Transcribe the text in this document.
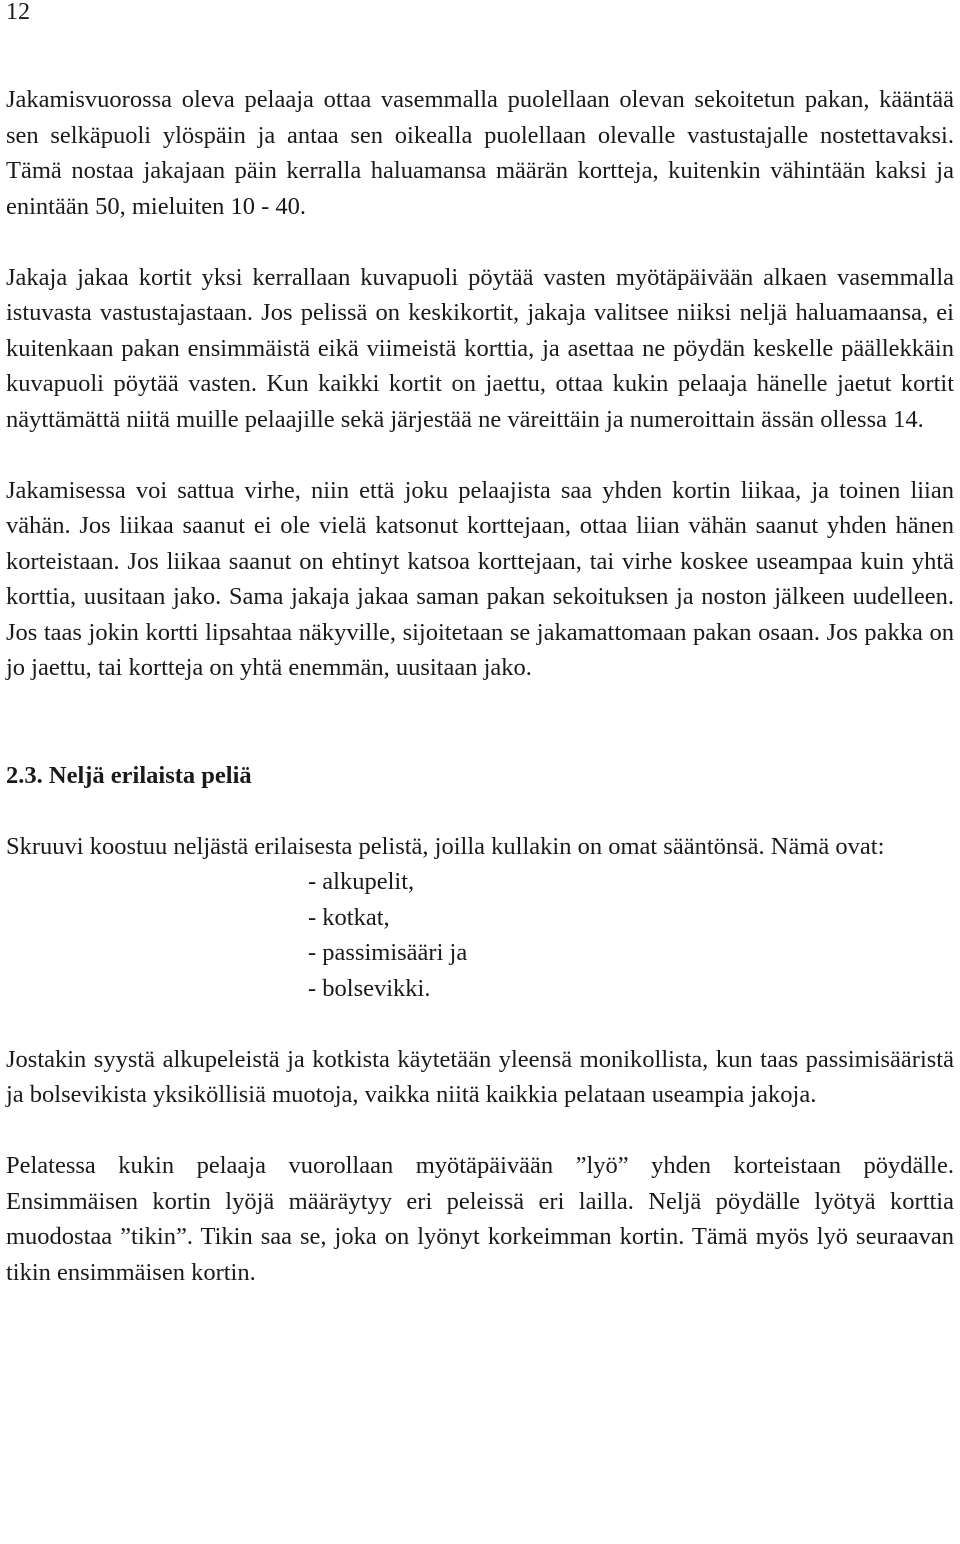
12

Jakamisvuorossa oleva pelaaja ottaa vasemmalla puolellaan olevan sekoitetun pakan, kääntää sen selkäpuoli ylöspäin ja antaa sen oikealla puolellaan olevalle vastustajalle nostettavaksi. Tämä nostaa jakajaan päin kerralla haluamansa määrän kortteja, kuitenkin vähintään kaksi ja enintään 50, mieluiten 10 - 40.

Jakaja jakaa kortit yksi kerrallaan kuvapuoli pöytää vasten myötäpäivään alkaen vasemmalla istuvasta vastustajastaan. Jos pelissä on keskikortit, jakaja valitsee niiksi neljä haluamaansa, ei kuitenkaan pakan ensimmäistä eikä viimeistä korttia, ja asettaa ne pöydän keskelle päällekkäin kuvapuoli pöytää vasten. Kun kaikki kortit on jaettu, ottaa kukin pelaaja hänelle jaetut kortit näyttämättä niitä muille pelaajille sekä järjestää ne väreittäin ja numeroittain ässän ollessa 14.

Jakamisessa voi sattua virhe, niin että joku pelaajista saa yhden kortin liikaa, ja toinen liian vähän. Jos liikaa saanut ei ole vielä katsonut korttejaan, ottaa liian vähän saanut yhden hänen korteistaan. Jos liikaa saanut on ehtinyt katsoa korttejaan, tai virhe koskee useampaa kuin yhtä korttia, uusitaan jako. Sama jakaja jakaa saman pakan sekoituksen ja noston jälkeen uudelleen. Jos taas jokin kortti lipsahtaa näkyville, sijoitetaan se jakamattomaan pakan osaan. Jos pakka on jo jaettu, tai kortteja on yhtä enemmän, uusitaan jako.

2.3. Neljä erilaista peliä

Skruuvi koostuu neljästä erilaisesta pelistä, joilla kullakin on omat sääntönsä. Nämä ovat:

- alkupelit,
- kotkat,
- passimisääri ja
- bolsevikki.

Jostakin syystä alkupeleistä ja kotkista käytetään yleensä monikollista, kun taas passimisääristä ja bolsevikista yksiköllisiä muotoja, vaikka niitä kaikkia pelataan useampia jakoja.

Pelatessa kukin pelaaja vuorollaan myötäpäivään ”lyö” yhden korteistaan pöydälle. Ensimmäisen kortin lyöjä määräytyy eri peleissä eri lailla. Neljä pöydälle lyötyä korttia muodostaa ”tikin”. Tikin saa se, joka on lyönyt korkeimman kortin. Tämä myös lyö seuraavan tikin ensimmäisen kortin.
